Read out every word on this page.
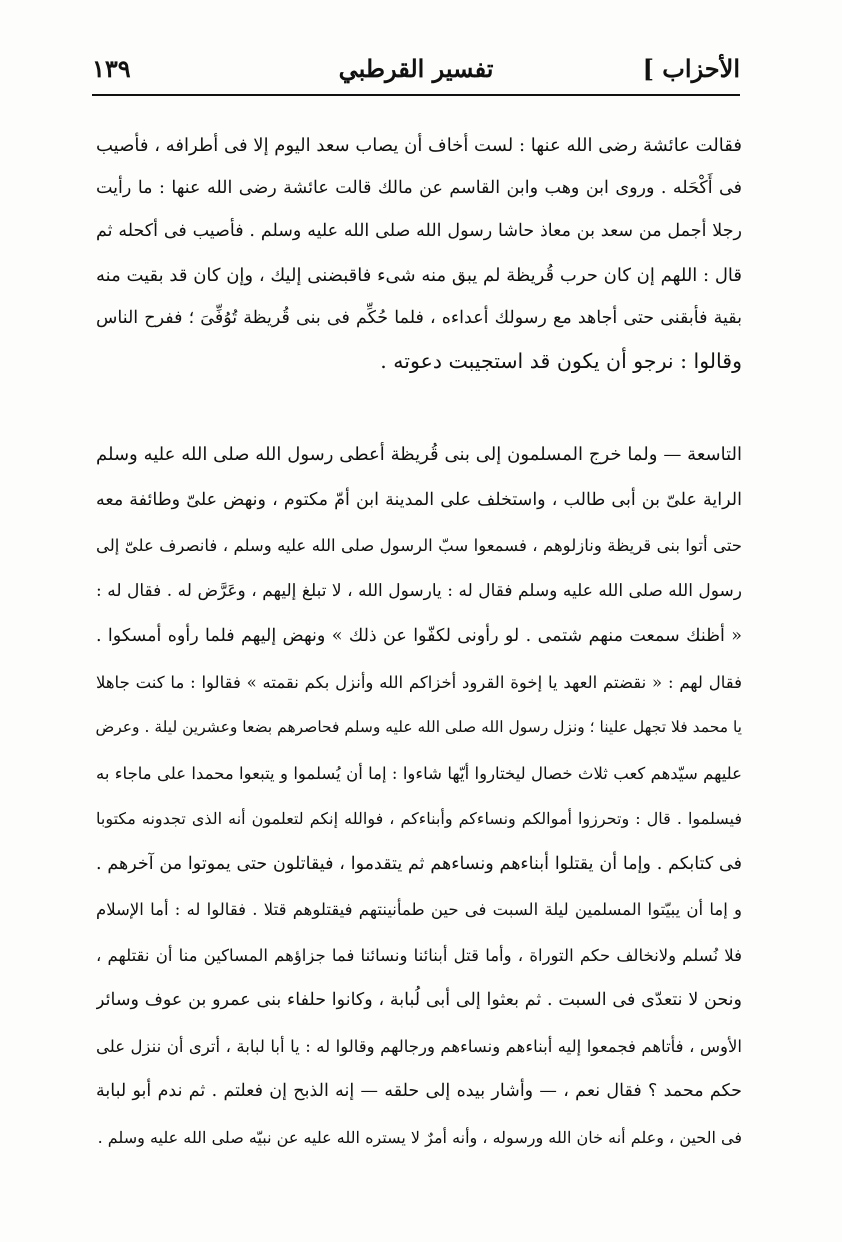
الأحزاب ]
تفسير القرطبي
١٣٩
فقالت عائشة رضى الله عنها : لست أخاف أن يصاب سعد اليوم إلا فى أطرافه ، فأصيب
فى أَكْحَله . وروى ابن وهب وابن القاسم عن مالك قالت عائشة رضى الله عنها : ما رأيت
رجلا أجمل من سعد بن معاذ حاشا رسول الله صلى الله عليه وسلم . فأصيب فى أكحله ثم
قال : اللهم إن كان حرب قُريظة لم يبق منه شىء فاقبضنى إليك ، وإن كان قد بقيت منه
بقية فأبقنى حتى أجاهد مع رسولك أعداءه ، فلما حُكِّم فى بنى قُريظة تُوُفِّىَ ؛ ففرح الناس
وقالوا : نرجو أن يكون قد استجيبت دعوته .
التاسعة — ولما خرج المسلمون إلى بنى قُريظة أعطى رسول الله صلى الله عليه وسلم
الراية علىّ بن أبى طالب ، واستخلف على المدينة ابن أمّ مكتوم ، ونهض علىّ وطائفة معه
حتى أتوا بنى قريظة ونازلوهم ، فسمعوا سبّ الرسول صلى الله عليه وسلم ، فانصرف علىّ إلى
رسول الله صلى الله عليه وسلم فقال له : يارسول الله ، لا تبلغ إليهم ، وعَرَّض له . فقال له :
« أظنك سمعت منهم شتمى . لو رأونى لكفّوا عن ذلك » ونهض إليهم فلما رأوه أمسكوا .
فقال لهم : « نقضتم العهد يا إخوة القرود أخزاكم الله وأنزل بكم نقمته » فقالوا : ما كنت جاهلا
يا محمد فلا تجهل علينا ؛ ونزل رسول الله صلى الله عليه وسلم فحاصرهم بضعا وعشرين ليلة . وعرض
عليهم سيّدهم كعب ثلاث خصال ليختاروا أيّها شاءوا : إما أن يُسلموا و يتبعوا محمدا على ماجاء به
فيسلموا . قال : وتحرزوا أموالكم ونساءكم وأبناءكم ، فوالله إنكم لتعلمون أنه الذى تجدونه مكتوبا
فى كتابكم . وإما أن يقتلوا أبناءهم ونساءهم ثم يتقدموا ، فيقاتلون حتى يموتوا من آخرهم .
و إما أن يبيّتوا المسلمين ليلة السبت فى حين طمأنينتهم فيقتلوهم قتلا . فقالوا له : أما الإسلام
فلا نُسلم ولانخالف حكم التوراة ، وأما قتل أبنائنا ونسائنا فما جزاؤهم المساكين منا أن نقتلهم ،
ونحن لا نتعدّى فى السبت . ثم بعثوا إلى أبى لُبابة ، وكانوا حلفاء بنى عمرو بن عوف وسائر
الأوس ، فأتاهم فجمعوا إليه أبناءهم ونساءهم ورجالهم وقالوا له : يا أبا لبابة ، أترى أن ننزل على
حكم محمد ؟ فقال نعم ، — وأشار بيده إلى حلقه — إنه الذبح إن فعلتم . ثم ندم أبو لبابة
فى الحين ، وعلم أنه خان الله ورسوله ، وأنه أمرٌ لا يستره الله عليه عن نبيّه صلى الله عليه وسلم .
